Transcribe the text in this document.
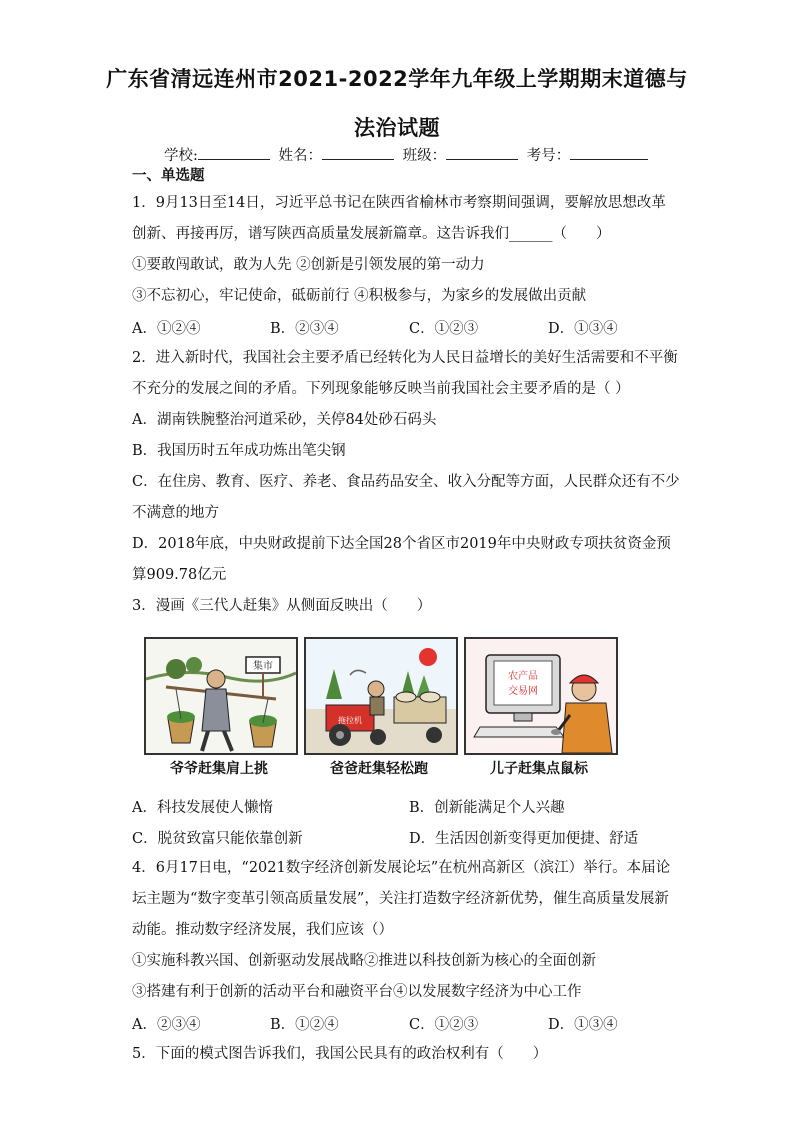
广东省清远连州市2021-2022学年九年级上学期期末道德与
法治试题
学校:	姓名：	班级：	考号：
一、单选题
1．9月13日至14日，习近平总书记在陕西省榆林市考察期间强调，要解放思想改革
创新、再接再厉，谱写陕西高质量发展新篇章。这告诉我们______（　　）
①要敢闯敢试，敢为人先 ②创新是引领发展的第一动力
③不忘初心，牢记使命，砥砺前行 ④积极参与，为家乡的发展做出贡献
A．①②④	B．②③④	C．①②③	D．①③④
2．进入新时代，我国社会主要矛盾已经转化为人民日益增长的美好生活需要和不平衡
不充分的发展之间的矛盾。下列现象能够反映当前我国社会主要矛盾的是（ ）
A．湖南铁腕整治河道采砂，关停84处砂石码头
B．我国历时五年成功炼出笔尖钢
C．在住房、教育、医疗、养老、食品药品安全、收入分配等方面，人民群众还有不少
不满意的地方
D．2018年底，中央财政提前下达全国28个省区市2019年中央财政专项扶贫资金预
算909.78亿元
3．漫画《三代人赶集》从侧面反映出（　　）
集市
拖拉机
农产品
交易网
爷爷赶集肩上挑	爸爸赶集轻松跑	儿子赶集点鼠标
A．科技发展使人懒惰	B．创新能满足个人兴趣
C．脱贫致富只能依靠创新	D．生活因创新变得更加便捷、舒适
4．6月17日电，“2021数字经济创新发展论坛”在杭州高新区（滨江）举行。本届论
坛主题为“数字变革引领高质量发展”，关注打造数字经济新优势，催生高质量发展新
动能。推动数字经济发展，我们应该（）
①实施科教兴国、创新驱动发展战略②推进以科技创新为核心的全面创新
③搭建有利于创新的活动平台和融资平台④以发展数字经济为中心工作
A．②③④	B．①②④	C．①②③	D．①③④
5．下面的模式图告诉我们，我国公民具有的政治权利有（　　）
